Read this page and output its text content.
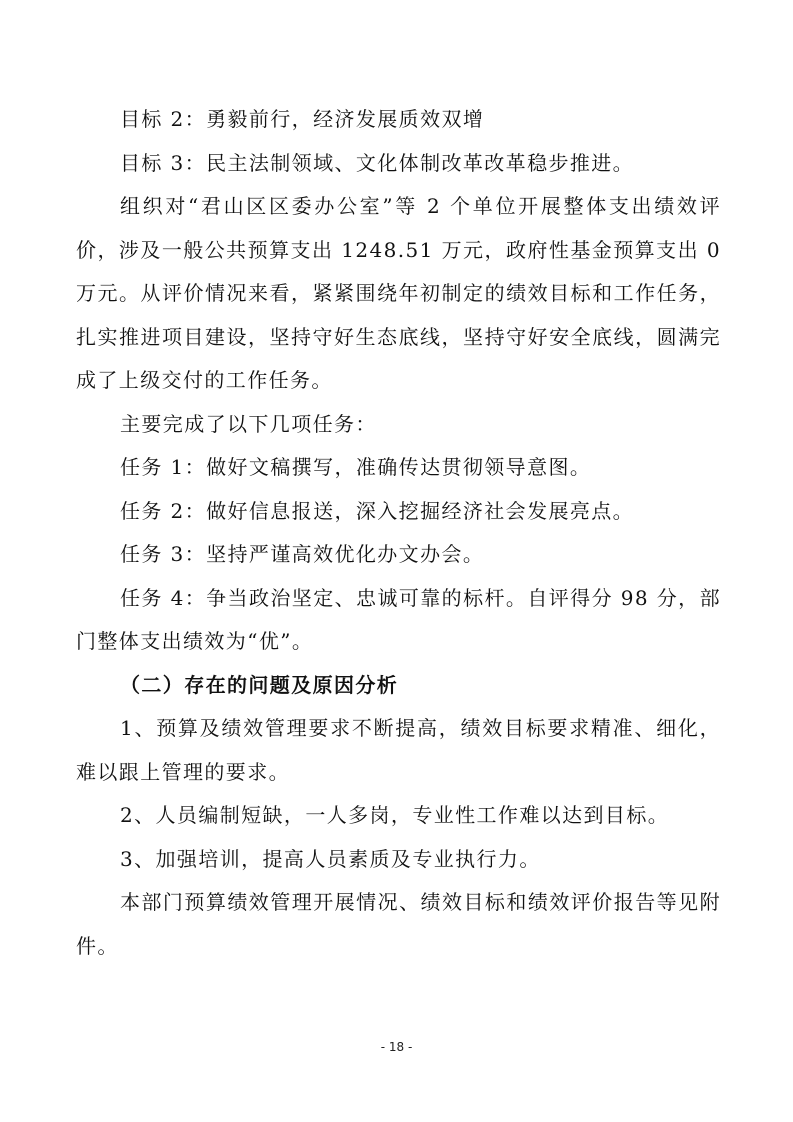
目标 2：勇毅前行，经济发展质效双增

目标 3：民主法制领域、文化体制改革改革稳步推进。

组织对“君山区区委办公室”等 2 个单位开展整体支出绩效评价，涉及一般公共预算支出 1248.51 万元，政府性基金预算支出 0 万元。从评价情况来看，紧紧围绕年初制定的绩效目标和工作任务，扎实推进项目建设，坚持守好生态底线，坚持守好安全底线，圆满完成了上级交付的工作任务。

主要完成了以下几项任务：

任务 1：做好文稿撰写，准确传达贯彻领导意图。

任务 2：做好信息报送，深入挖掘经济社会发展亮点。

任务 3：坚持严谨高效优化办文办会。

任务 4：争当政治坚定、忠诚可靠的标杆。自评得分 98 分，部门整体支出绩效为“优”。

（二）存在的问题及原因分析

1、预算及绩效管理要求不断提高，绩效目标要求精准、细化，难以跟上管理的要求。

2、人员编制短缺，一人多岗，专业性工作难以达到目标。

3、加强培训，提高人员素质及专业执行力。

本部门预算绩效管理开展情况、绩效目标和绩效评价报告等见附件。

- 18 -
